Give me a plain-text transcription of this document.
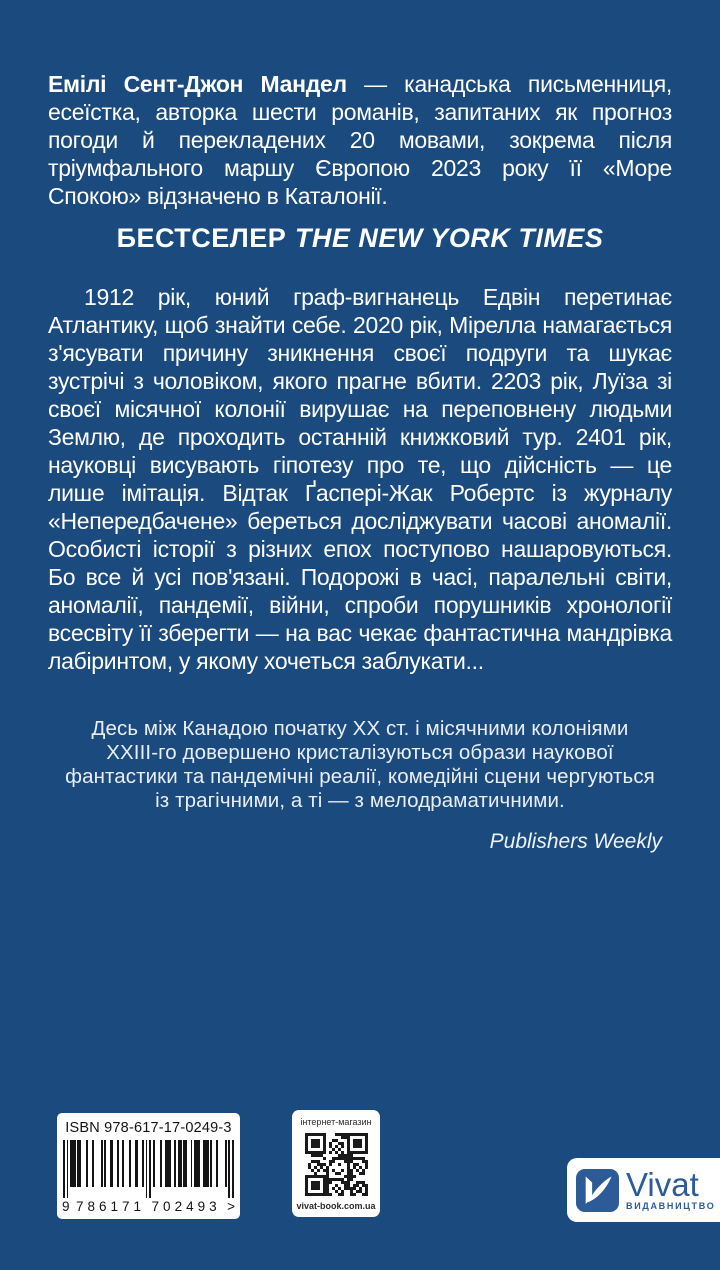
Емілі Сент-Джон Мандел — канадська письменниця, есеїстка, авторка шести романів, запитаних як прогноз погоди й перекладених 20 мовами, зокрема після тріумфального маршу Європою 2023 року її «Море Спокою» відзначено в Каталонії.

БЕСТСЕЛЕР THE NEW YORK TIMES

1912 рік, юний граф-вигнанець Едвін перетинає Атлантику, щоб знайти себе. 2020 рік, Мірелла намагається з'ясувати причину зникнення своєї подруги та шукає зустрічі з чоловіком, якого прагне вбити. 2203 рік, Луїза зі своєї місячної колонії вирушає на переповнену людьми Землю, де проходить останній книжковий тур. 2401 рік, науковці висувають гіпотезу про те, що дійсність — це лише імітація. Відтак Ґаспері-Жак Робертс із журналу «Непередбачене» береться досліджувати часові аномалії. Особисті історії з різних епох поступово нашаровуються. Бо все й усі пов'язані. Подорожі в часі, паралельні світи, аномалії, пандемії, війни, спроби порушників хронології всесвіту її зберегти — на вас чекає фантастична мандрівка лабіринтом, у якому хочеться заблукати...

Десь між Канадою початку XX ст. і місячними колоніями
XXIII-го довершено кристалізуються образи наукової
фантастики та пандемічні реалії, комедійні сцени чергуються
із трагічними, а ті — з мелодраматичними.
Publishers Weekly
ISBN 978-617-17-0249-3
9 786171 702493 >
інтернет-магазин
vivat-book.com.ua
Vivat
ВИДАВНИЦТВО
